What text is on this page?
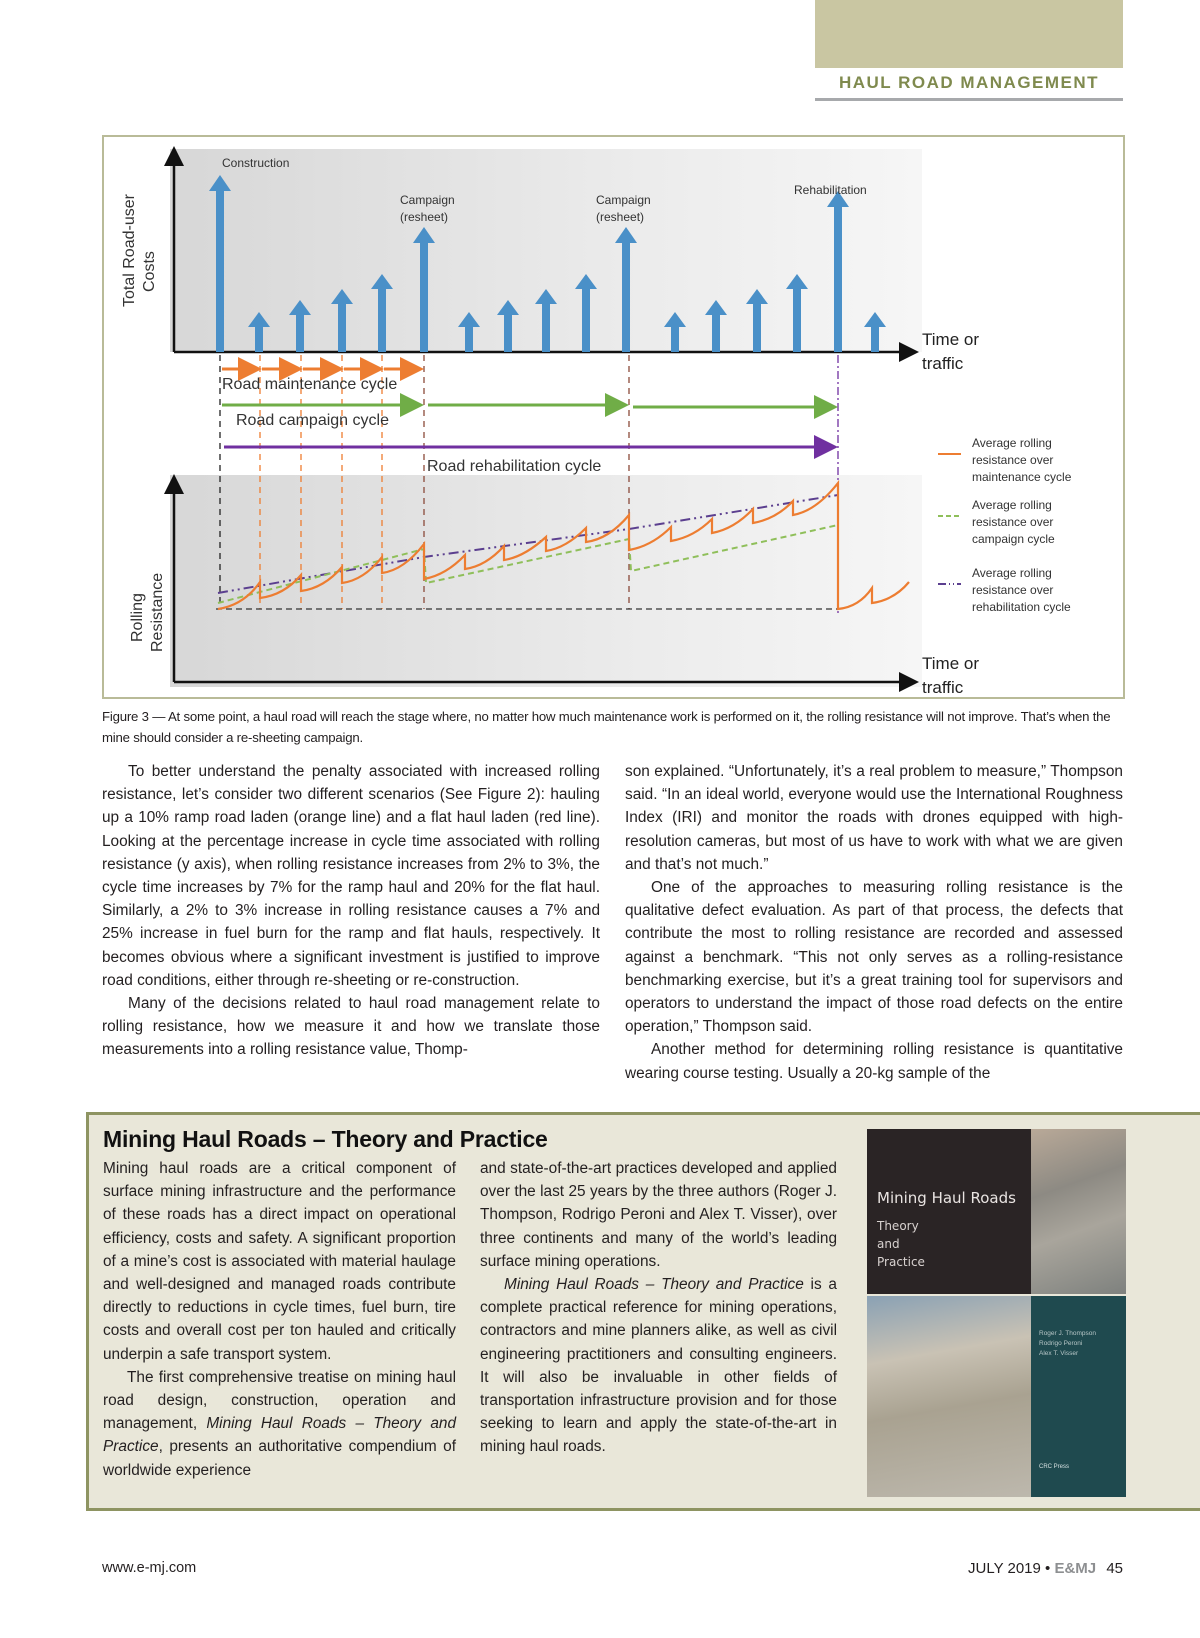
HAUL ROAD MANAGEMENT
Construction
Campaign
(resheet)
Campaign
(resheet)
Rehabilitation
Time or
traffic
Total Road-user Costs
Road maintenance cycle
Road campaign cycle
Road rehabilitation cycle
Rolling Resistance
Time or
traffic
Average rolling
resistance over
maintenance cycle
Average rolling
resistance over
campaign cycle
Average rolling
resistance over
rehabilitation cycle
Figure 3 — At some point, a haul road will reach the stage where, no matter how much maintenance work is performed on it, the rolling resistance will not improve. That’s when the mine should consider a re-sheeting campaign.

To better understand the penalty associated with increased rolling resistance, let’s consider two different scenarios (See Figure 2): hauling up a 10% ramp road laden (orange line) and a flat haul laden (red line). Looking at the percentage increase in cycle time associated with rolling resistance (y axis), when rolling resistance increases from 2% to 3%, the cycle time increases by 7% for the ramp haul and 20% for the flat haul. Similarly, a 2% to 3% increase in rolling resistance causes a 7% and 25% increase in fuel burn for the ramp and flat hauls, respectively. It becomes obvious where a significant investment is justified to improve road conditions, either through re-sheeting or re-construction.

Many of the decisions related to haul road management relate to rolling resistance, how we measure it and how we translate those measurements into a rolling resistance value, Thomp-

son explained. “Unfortunately, it’s a real problem to measure,” Thompson said. “In an ideal world, everyone would use the International Roughness Index (IRI) and monitor the roads with drones equipped with high-resolution cameras, but most of us have to work with what we are given and that’s not much.”

One of the approaches to measuring rolling resistance is the qualitative defect evaluation. As part of that process, the defects that contribute the most to rolling resistance are recorded and assessed against a benchmark. “This not only serves as a rolling-resistance benchmarking exercise, but it’s a great training tool for supervisors and operators to understand the impact of those road defects on the entire operation,” Thompson said.

Another method for determining rolling resistance is quantitative wearing course testing. Usually a 20-kg sample of the

Mining Haul Roads – Theory and Practice

Mining haul roads are a critical component of surface mining infrastructure and the performance of these roads has a direct impact on operational efficiency, costs and safety. A significant proportion of a mine’s cost is associated with material haulage and well-designed and managed roads contribute directly to reductions in cycle times, fuel burn, tire costs and overall cost per ton hauled and critically underpin a safe transport system.

The first comprehensive treatise on mining haul road design, construction, operation and management, Mining Haul Roads – Theory and Practice, presents an authoritative compendium of worldwide experience

and state-of-the-art practices developed and applied over the last 25 years by the three authors (Roger J. Thompson, Rodrigo Peroni and Alex T. Visser), over three continents and many of the world’s leading surface mining operations.

Mining Haul Roads – Theory and Practice is a complete practical reference for mining operations, contractors and mine planners alike, as well as civil engineering practitioners and consulting engineers. It will also be invaluable in other fields of transportation infrastructure provision and for those seeking to learn and apply the state-of-the-art in mining haul roads.

Mining Haul Roads
Theory
and
Practice
Roger J. Thompson
Rodrigo Peroni
Alex T. Visser
CRC Press
www.e-mj.com	JULY 2019 • E&MJ 45
